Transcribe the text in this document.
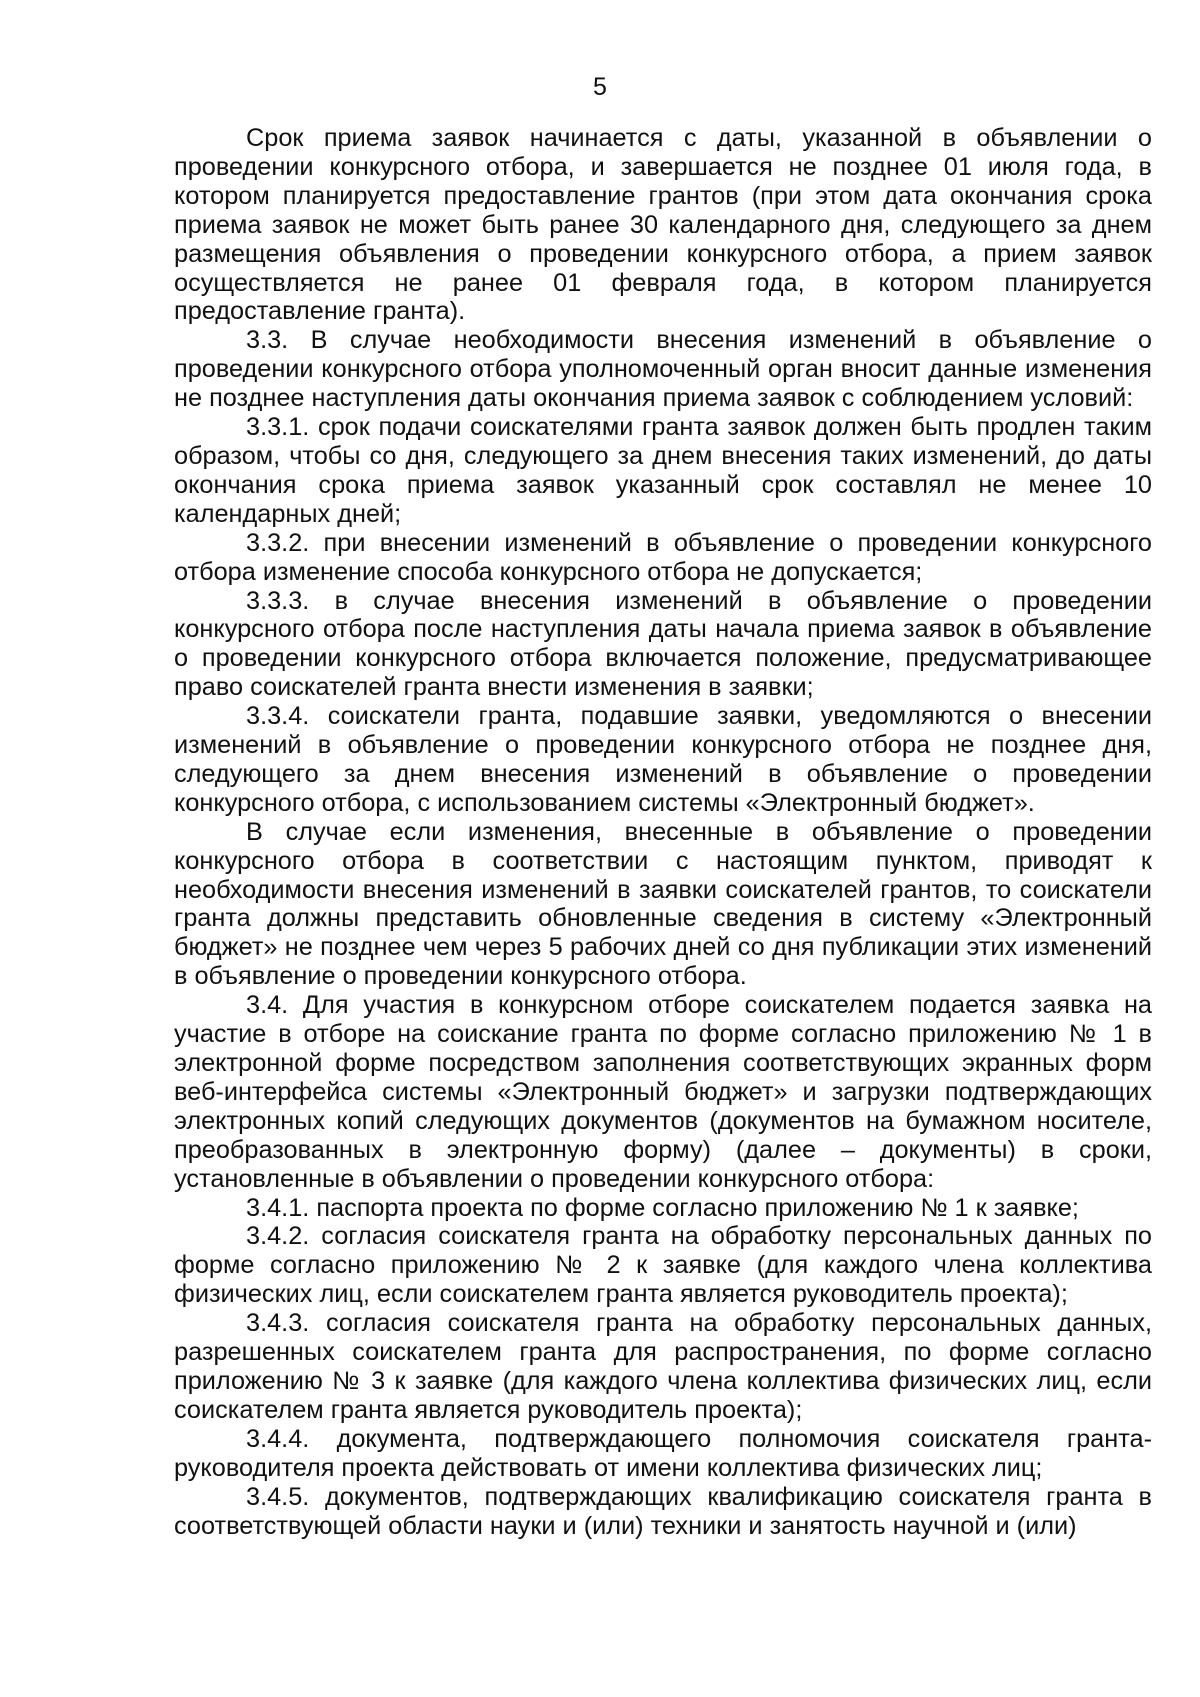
5

Срок приема заявок начинается с даты, указанной в объявлении о проведении конкурсного отбора, и завершается не позднее 01 июля года, в котором планируется предоставление грантов (при этом дата окончания срока приема заявок не может быть ранее 30 календарного дня, следующего за днем размещения объявления о проведении конкурсного отбора, а прием заявок осуществляется не ранее 01 февраля года, в котором планируется предоставление гранта).

3.3. В случае необходимости внесения изменений в объявление о проведении конкурсного отбора уполномоченный орган вносит данные изменения не позднее наступления даты окончания приема заявок с соблюдением условий:

3.3.1. срок подачи соискателями гранта заявок должен быть продлен таким образом, чтобы со дня, следующего за днем внесения таких изменений, до даты окончания срока приема заявок указанный срок составлял не менее 10 календарных дней;

3.3.2. при внесении изменений в объявление о проведении конкурсного отбора изменение способа конкурсного отбора не допускается;

3.3.3. в случае внесения изменений в объявление о проведении конкурсного отбора после наступления даты начала приема заявок в объявление о проведении конкурсного отбора включается положение, предусматривающее право соискателей гранта внести изменения в заявки;

3.3.4. соискатели гранта, подавшие заявки, уведомляются о внесении изменений в объявление о проведении конкурсного отбора не позднее дня, следующего за днем внесения изменений в объявление о проведении конкурсного отбора, с использованием системы «Электронный бюджет».

В случае если изменения, внесенные в объявление о проведении конкурсного отбора в соответствии с настоящим пунктом, приводят к необходимости внесения изменений в заявки соискателей грантов, то соискатели гранта должны представить обновленные сведения в систему «Электронный бюджет» не позднее чем через 5 рабочих дней со дня публикации этих изменений в объявление о проведении конкурсного отбора.

3.4. Для участия в конкурсном отборе соискателем подается заявка на участие в отборе на соискание гранта по форме согласно приложению № 1 в электронной форме посредством заполнения соответствующих экранных форм веб-интерфейса системы «Электронный бюджет» и загрузки подтверждающих электронных копий следующих документов (документов на бумажном носителе, преобразованных в электронную форму) (далее – документы) в сроки, установленные в объявлении о проведении конкурсного отбора:

3.4.1. паспорта проекта по форме согласно приложению № 1 к заявке;

3.4.2. согласия соискателя гранта на обработку персональных данных по форме согласно приложению № 2 к заявке (для каждого члена коллектива физических лиц, если соискателем гранта является руководитель проекта);

3.4.3. согласия соискателя гранта на обработку персональных данных, разрешенных соискателем гранта для распространения, по форме согласно приложению № 3 к заявке (для каждого члена коллектива физических лиц, если соискателем гранта является руководитель проекта);

3.4.4. документа, подтверждающего полномочия соискателя гранта-руководителя проекта действовать от имени коллектива физических лиц;

3.4.5. документов, подтверждающих квалификацию соискателя гранта в соответствующей области науки и (или) техники и занятость научной и (или)
